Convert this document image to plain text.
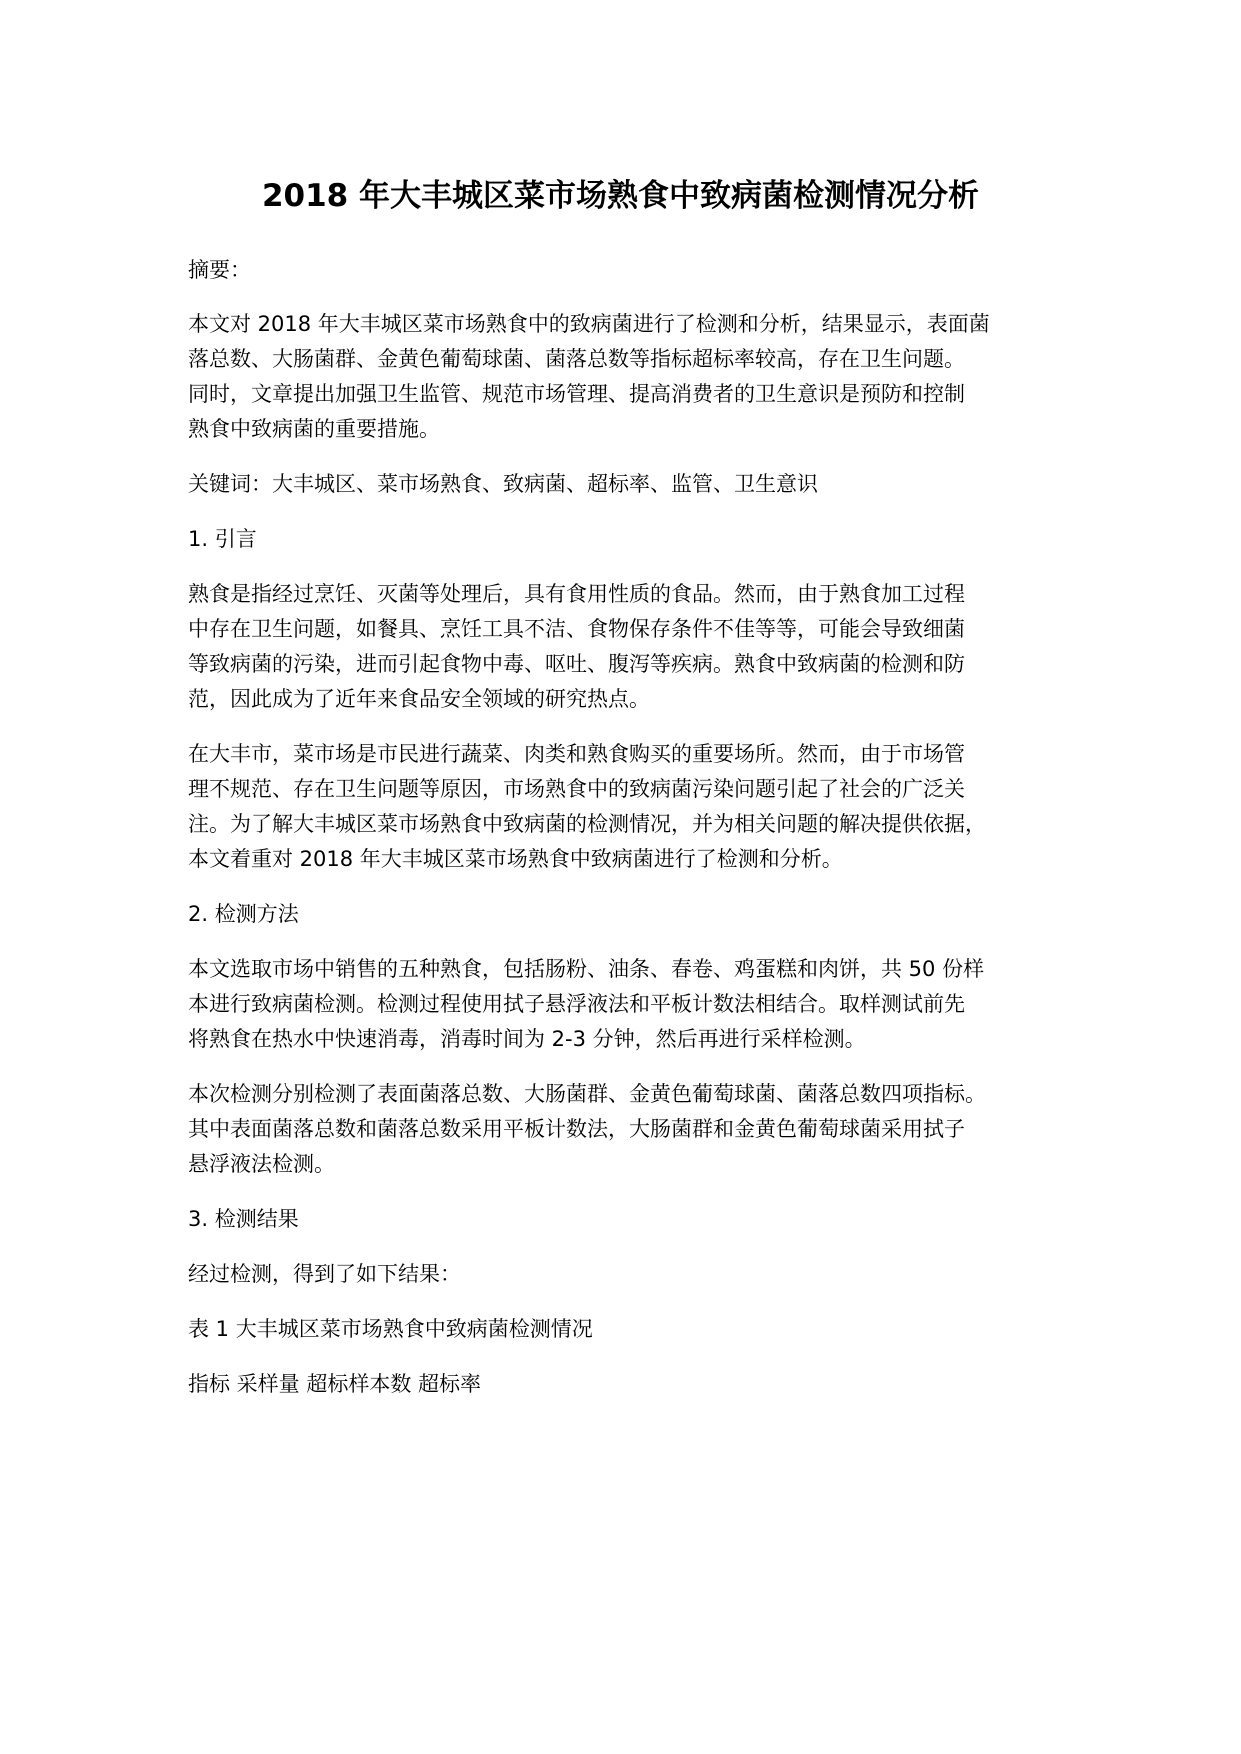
2018 年大丰城区菜市场熟食中致病菌检测情况分析
摘要：
本文对 2018 年大丰城区菜市场熟食中的致病菌进行了检测和分析，结果显示，表面菌
落总数、大肠菌群、金黄色葡萄球菌、菌落总数等指标超标率较高，存在卫生问题。
同时，文章提出加强卫生监管、规范市场管理、提高消费者的卫生意识是预防和控制
熟食中致病菌的重要措施。
关键词：大丰城区、菜市场熟食、致病菌、超标率、监管、卫生意识
1. 引言
熟食是指经过烹饪、灭菌等处理后，具有食用性质的食品。然而，由于熟食加工过程
中存在卫生问题，如餐具、烹饪工具不洁、食物保存条件不佳等等，可能会导致细菌
等致病菌的污染，进而引起食物中毒、呕吐、腹泻等疾病。熟食中致病菌的检测和防
范，因此成为了近年来食品安全领域的研究热点。
在大丰市，菜市场是市民进行蔬菜、肉类和熟食购买的重要场所。然而，由于市场管
理不规范、存在卫生问题等原因，市场熟食中的致病菌污染问题引起了社会的广泛关
注。为了解大丰城区菜市场熟食中致病菌的检测情况，并为相关问题的解决提供依据，
本文着重对 2018 年大丰城区菜市场熟食中致病菌进行了检测和分析。
2. 检测方法
本文选取市场中销售的五种熟食，包括肠粉、油条、春卷、鸡蛋糕和肉饼，共 50 份样
本进行致病菌检测。检测过程使用拭子悬浮液法和平板计数法相结合。取样测试前先
将熟食在热水中快速消毒，消毒时间为 2-3 分钟，然后再进行采样检测。
本次检测分别检测了表面菌落总数、大肠菌群、金黄色葡萄球菌、菌落总数四项指标。
其中表面菌落总数和菌落总数采用平板计数法，大肠菌群和金黄色葡萄球菌采用拭子
悬浮液法检测。
3. 检测结果
经过检测，得到了如下结果：
表 1 大丰城区菜市场熟食中致病菌检测情况
指标 采样量 超标样本数 超标率
